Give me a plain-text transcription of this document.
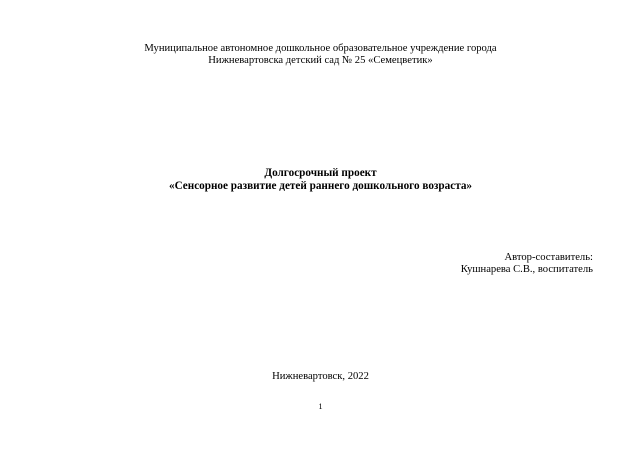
Муниципальное автономное дошкольное образовательное учреждение города

Нижневартовска детский сад № 25 «Семецветик»

Долгосрочный проект

«Сенсорное развитие детей раннего дошкольного возраста»

Автор-составитель:

Кушнарева С.В., воспитатель

Нижневартовск, 2022

1
